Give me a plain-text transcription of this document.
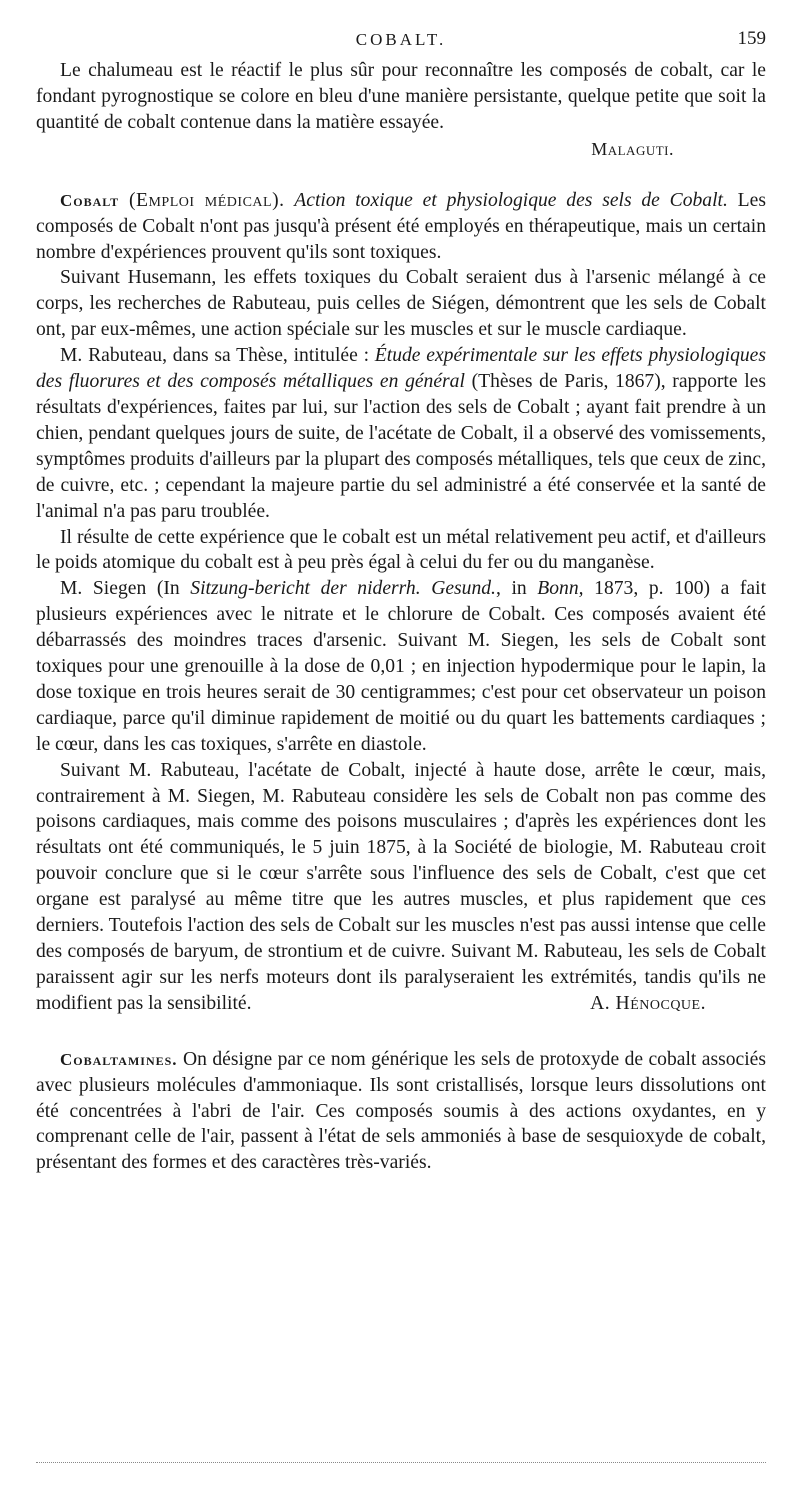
COBALT.	159

Le chalumeau est le réactif le plus sûr pour reconnaître les composés de cobalt, car le fondant pyrognostique se colore en bleu d'une manière persistante, quelque petite que soit la quantité de cobalt contenue dans la matière essayée.

Malaguti.

Cobalt (Emploi médical). Action toxique et physiologique des sels de Cobalt. Les composés de Cobalt n'ont pas jusqu'à présent été employés en thérapeutique, mais un certain nombre d'expériences prouvent qu'ils sont toxiques.

Suivant Husemann, les effets toxiques du Cobalt seraient dus à l'arsenic mélangé à ce corps, les recherches de Rabuteau, puis celles de Siégen, démontrent que les sels de Cobalt ont, par eux-mêmes, une action spéciale sur les muscles et sur le muscle cardiaque.

M. Rabuteau, dans sa Thèse, intitulée : Étude expérimentale sur les effets physiologiques des fluorures et des composés métalliques en général (Thèses de Paris, 1867), rapporte les résultats d'expériences, faites par lui, sur l'action des sels de Cobalt ; ayant fait prendre à un chien, pendant quelques jours de suite, de l'acétate de Cobalt, il a observé des vomissements, symptômes produits d'ailleurs par la plupart des composés métalliques, tels que ceux de zinc, de cuivre, etc. ; cependant la majeure partie du sel administré a été conservée et la santé de l'animal n'a pas paru troublée.

Il résulte de cette expérience que le cobalt est un métal relativement peu actif, et d'ailleurs le poids atomique du cobalt est à peu près égal à celui du fer ou du manganèse.

M. Siegen (In Sitzung-bericht der niderrh. Gesund., in Bonn, 1873, p. 100) a fait plusieurs expériences avec le nitrate et le chlorure de Cobalt. Ces composés avaient été débarrassés des moindres traces d'arsenic. Suivant M. Siegen, les sels de Cobalt sont toxiques pour une grenouille à la dose de 0,01 ; en injection hypodermique pour le lapin, la dose toxique en trois heures serait de 30 centigrammes; c'est pour cet observateur un poison cardiaque, parce qu'il diminue rapidement de moitié ou du quart les battements cardiaques ; le cœur, dans les cas toxiques, s'arrête en diastole.

Suivant M. Rabuteau, l'acétate de Cobalt, injecté à haute dose, arrête le cœur, mais, contrairement à M. Siegen, M. Rabuteau considère les sels de Cobalt non pas comme des poisons cardiaques, mais comme des poisons musculaires ; d'après les expériences dont les résultats ont été communiqués, le 5 juin 1875, à la Société de biologie, M. Rabuteau croit pouvoir conclure que si le cœur s'arrête sous l'influence des sels de Cobalt, c'est que cet organe est paralysé au même titre que les autres muscles, et plus rapidement que ces derniers. Toutefois l'action des sels de Cobalt sur les muscles n'est pas aussi intense que celle des composés de baryum, de strontium et de cuivre. Suivant M. Rabuteau, les sels de Cobalt paraissent agir sur les nerfs moteurs dont ils paralyseraient les extrémités, tandis qu'ils ne modifient pas la sensibilité.	A. Hénocque.

Cobaltamines. On désigne par ce nom générique les sels de protoxyde de cobalt associés avec plusieurs molécules d'ammoniaque. Ils sont cristallisés, lorsque leurs dissolutions ont été concentrées à l'abri de l'air. Ces composés soumis à des actions oxydantes, en y comprenant celle de l'air, passent à l'état de sels ammoniés à base de sesquioxyde de cobalt, présentant des formes et des caractères très-variés.
